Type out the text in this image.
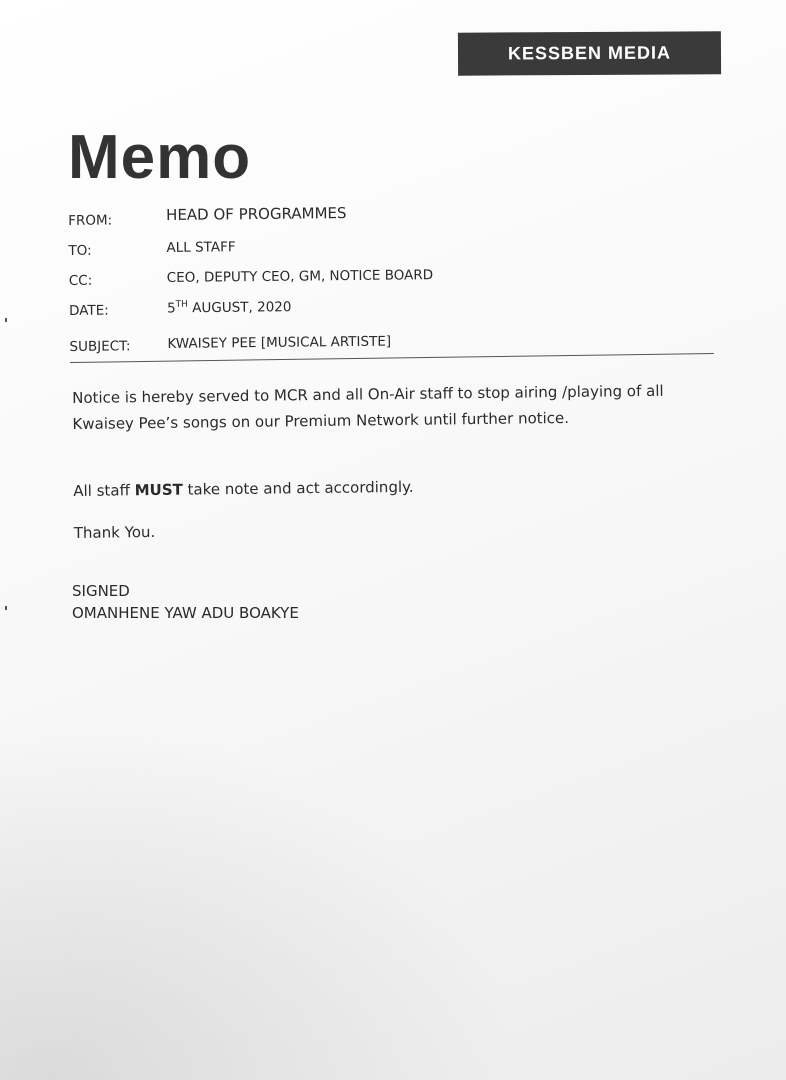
KESSBEN MEDIA
Memo
FROM:	HEAD OF PROGRAMMES
TO:	ALL STAFF
CC:	CEO, DEPUTY CEO, GM, NOTICE BOARD
DATE:	5TH AUGUST, 2020
SUBJECT:	KWAISEY PEE [MUSICAL ARTISTE]

Notice is hereby served to MCR and all On-Air staff to stop airing /playing of all Kwaisey Pee’s songs on our Premium Network until further notice.

All staff MUST take note and act accordingly.

Thank You.

SIGNED
OMANHENE YAW ADU BOAKYE
